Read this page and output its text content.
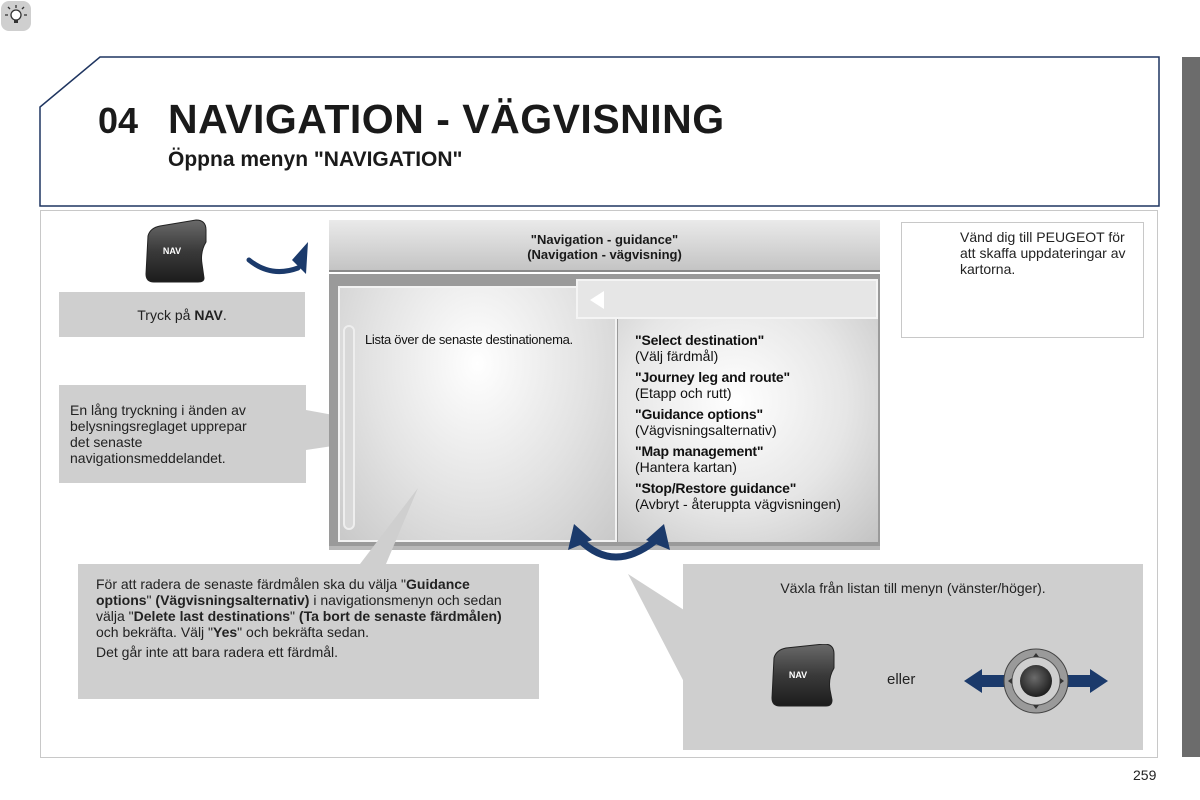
04 NAVIGATION - VÄGVISNING
Öppna menyn "NAVIGATION"
NAV
Tryck på NAV.
En lång tryckning i änden av belysningsreglaget upprepar det senaste navigationsmeddelandet.
"Navigation - guidance"
(Navigation - vägvisning)
Lista över de senaste destinationema.	"Select destination"
(Välj färdmål)
"Journey leg and route"
(Etapp och rutt)
"Guidance options"
(Vägvisningsalternativ)
"Map management"
(Hantera kartan)
"Stop/Restore guidance"
(Avbryt - återuppta vägvisningen)

För att radera de senaste färdmålen ska du välja "Guidance options" (Vägvisningsalternativ) i navigationsmenyn och sedan välja "Delete last destinations" (Ta bort de senaste färdmålen) och bekräfta. Välj "Yes" och bekräfta sedan.

Det går inte att bara radera ett färdmål.

Växla från listan till menyn (vänster/höger).
NAV	eller
Vänd dig till PEUGEOT för att skaffa uppdateringar av kartorna.
259
